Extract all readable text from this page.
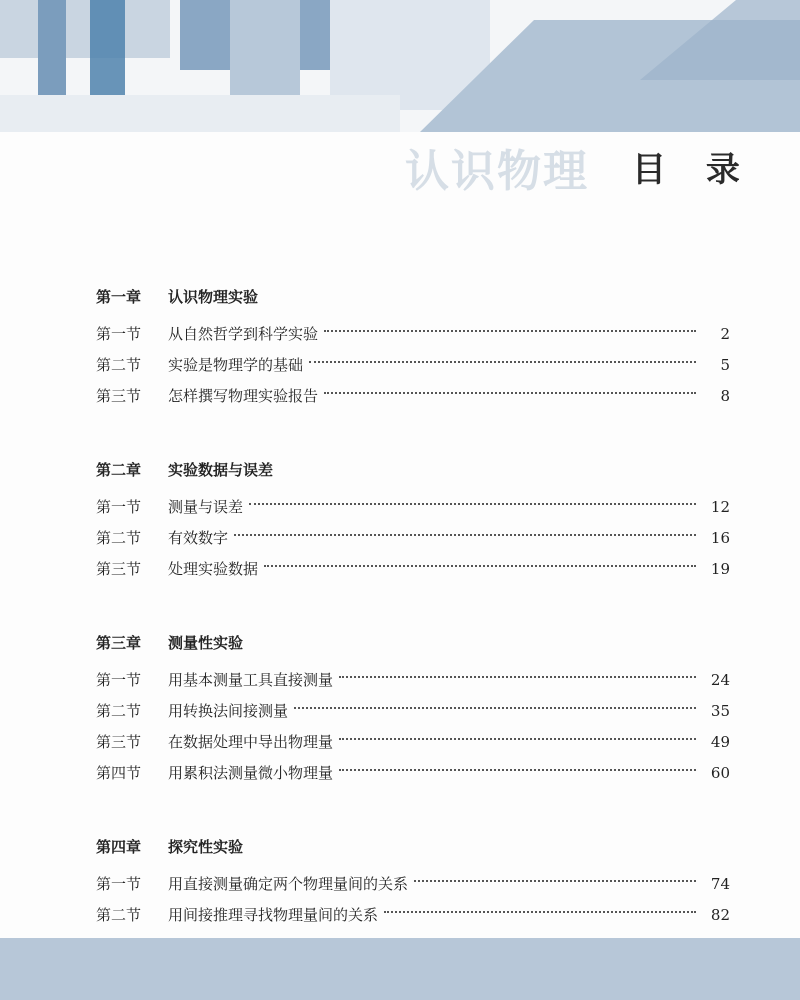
认识物理 目 录
第一章	认识物理实验
第一节	从自然哲学到科学实验	2
第二节	实验是物理学的基础	5
第三节	怎样撰写物理实验报告	8
第二章	实验数据与误差
第一节	测量与误差	12
第二节	有效数字	16
第三节	处理实验数据	19
第三章	测量性实验
第一节	用基本测量工具直接测量	24
第二节	用转换法间接测量	35
第三节	在数据处理中导出物理量	49
第四节	用累积法测量微小物理量	60
第四章	探究性实验
第一节	用直接测量确定两个物理量间的关系	74
第二节	用间接推理寻找物理量间的关系	82
